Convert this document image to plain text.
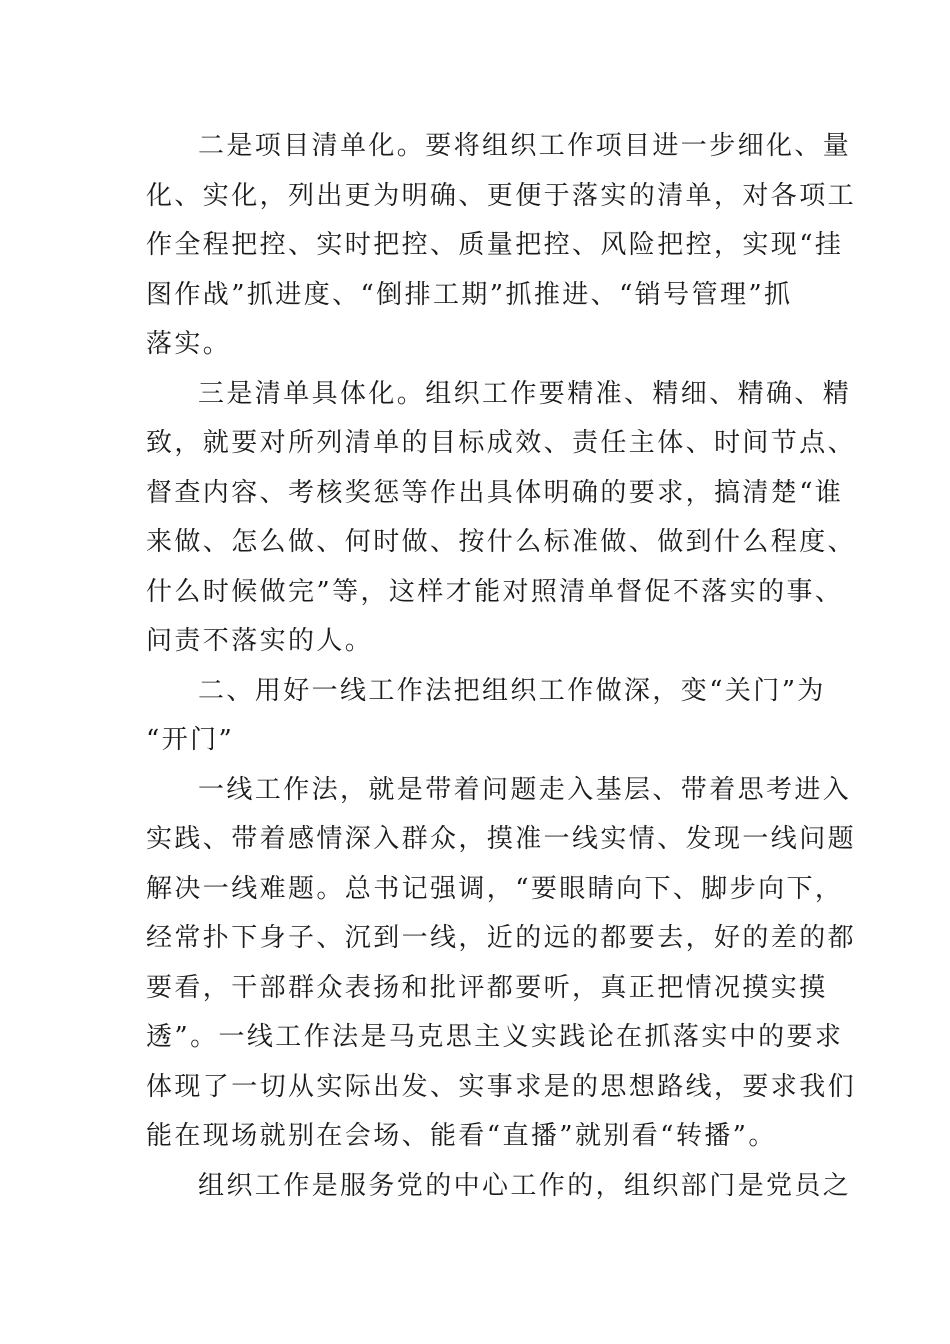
二是项目清单化。要将组织工作项目进一步细化、量
化、实化，列出更为明确、更便于落实的清单，对各项工
作全程把控、实时把控、质量把控、风险把控，实现“挂
图作战”抓进度、“倒排工期”抓推进、“销号管理”抓
落实。
三是清单具体化。组织工作要精准、精细、精确、精
致，就要对所列清单的目标成效、责任主体、时间节点、
督查内容、考核奖惩等作出具体明确的要求，搞清楚“谁
来做、怎么做、何时做、按什么标准做、做到什么程度、
什么时候做完”等，这样才能对照清单督促不落实的事、
问责不落实的人。
二、用好一线工作法把组织工作做深，变“关门”为
“开门”
一线工作法，就是带着问题走入基层、带着思考进入
实践、带着感情深入群众，摸准一线实情、发现一线问题
解决一线难题。总书记强调，“要眼睛向下、脚步向下，
经常扑下身子、沉到一线，近的远的都要去，好的差的都
要看，干部群众表扬和批评都要听，真正把情况摸实摸
透”。一线工作法是马克思主义实践论在抓落实中的要求
体现了一切从实际出发、实事求是的思想路线，要求我们
能在现场就别在会场、能看“直播”就别看“转播”。
组织工作是服务党的中心工作的，组织部门是党员之
